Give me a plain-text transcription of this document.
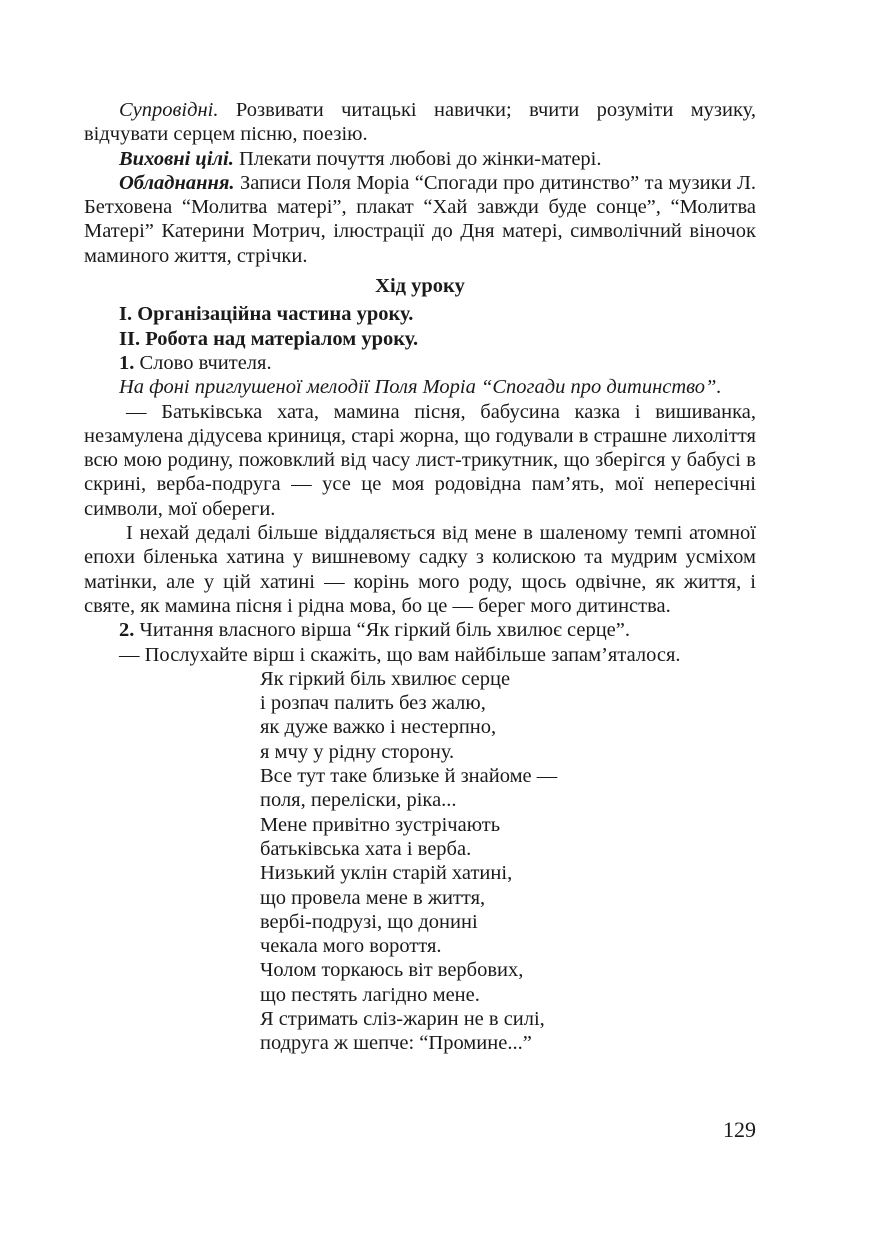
Супровідні. Розвивати читацькі навички; вчити розуміти музику, відчувати серцем пісню, поезію.

Виховні цілі. Плекати почуття любові до жінки-матері.

Обладнання. Записи Поля Моріа “Спогади про дитинство” та музики Л. Бетховена “Молитва матері”, плакат “Хай завжди буде сонце”, “Молитва Матері” Катерини Мотрич, ілюстрації до Дня матері, символічний віночок маминого життя, стрічки.

Хід уроку

І. Організаційна частина уроку.

ІІ. Робота над матеріалом уроку.

1. Слово вчителя.

На фоні приглушеної мелодії Поля Моріа “Спогади про дитинство”.

— Батьківська хата, мамина пісня, бабусина казка і вишиванка, незамулена дідусева криниця, старі жорна, що годували в страшне лихоліття всю мою родину, пожовклий від часу лист-трикутник, що зберігся у бабусі в скрині, верба-подруга — усе це моя родовідна пам’ять, мої непересічні символи, мої обереги.

І нехай дедалі більше віддаляється від мене в шаленому темпі атомної епохи біленька хатина у вишневому садку з колискою та мудрим усміхом матінки, але у цій хатині — корінь мого роду, щось одвічне, як життя, і святе, як мамина пісня і рідна мова, бо це — берег мого дитинства.

2. Читання власного вірша “Як гіркий біль хвилює серце”.

— Послухайте вірш і скажіть, що вам найбільше запам’яталося.

Як гіркий біль хвилює серце
і розпач палить без жалю,
як дуже важко і нестерпно,
я мчу у рідну сторону.
Все тут таке близьке й знайоме —
поля, переліски, ріка...
Мене привітно зустрічають
батьківська хата і верба.
Низький уклін старій хатині,
що провела мене в життя,
вербі-подрузі, що донині
чекала мого вороття.
Чолом торкаюсь віт вербових,
що пестять лагідно мене.
Я стримать сліз-жарин не в силі,
подруга ж шепче: “Промине...”
129
